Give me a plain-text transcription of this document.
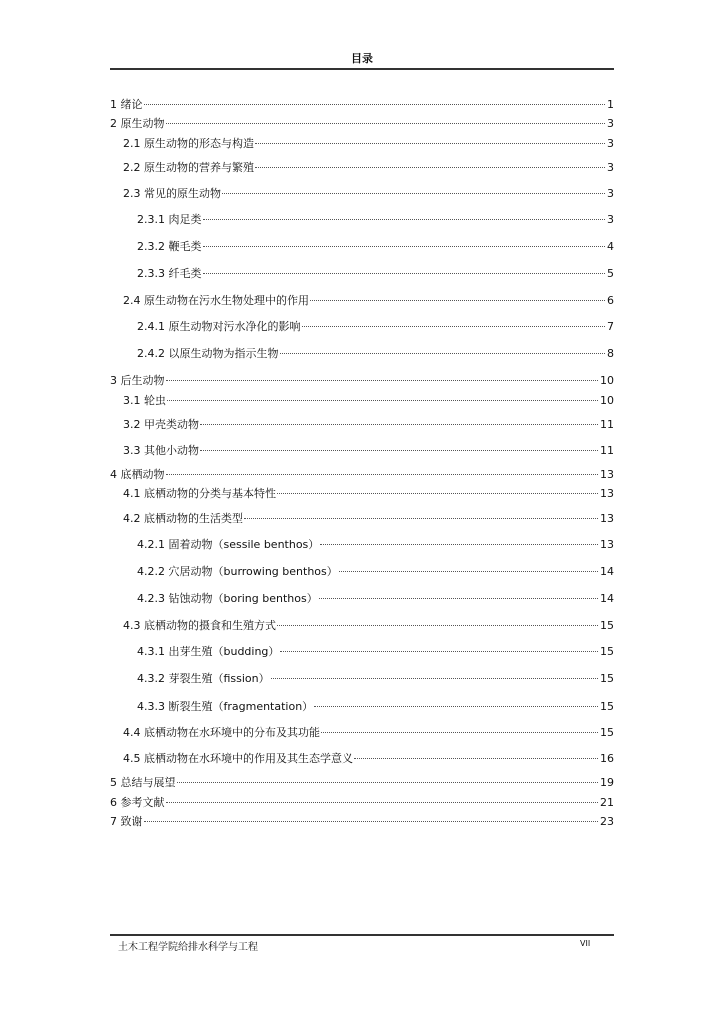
目录
1 绪论	1
2 原生动物	3
2.1 原生动物的形态与构造	3
2.2 原生动物的营养与繁殖	3
2.3 常见的原生动物	3
2.3.1 肉足类	3
2.3.2 鞭毛类	4
2.3.3 纤毛类	5
2.4 原生动物在污水生物处理中的作用	6
2.4.1 原生动物对污水净化的影响	7
2.4.2 以原生动物为指示生物	8
3 后生动物	10
3.1 轮虫	10
3.2 甲壳类动物	11
3.3 其他小动物	11
4 底栖动物	13
4.1 底栖动物的分类与基本特性	13
4.2 底栖动物的生活类型	13
4.2.1 固着动物（sessile benthos）	13
4.2.2 穴居动物（burrowing benthos）	14
4.2.3 钻蚀动物（boring benthos）	14
4.3 底栖动物的摄食和生殖方式	15
4.3.1 出芽生殖（budding）	15
4.3.2 芽裂生殖（fission）	15
4.3.3 断裂生殖（fragmentation）	15
4.4 底栖动物在水环境中的分布及其功能	15
4.5 底栖动物在水环境中的作用及其生态学意义	16
5 总结与展望	19
6 参考文献	21
7 致谢	23
土木工程学院给排水科学与工程	VII
